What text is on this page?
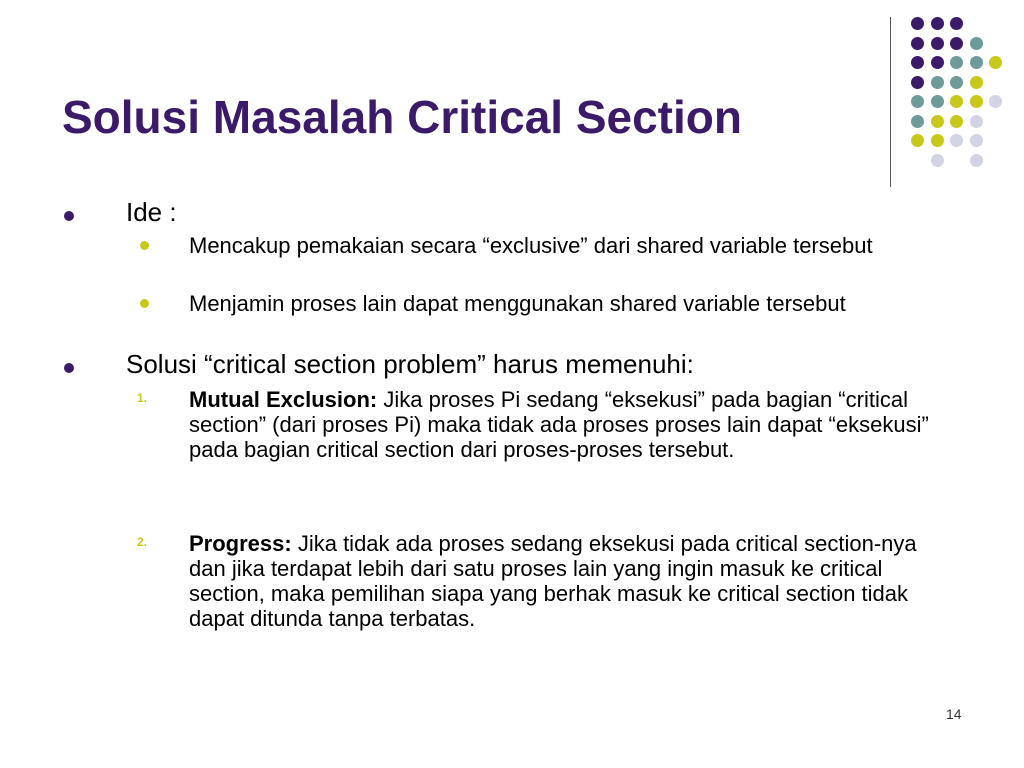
Solusi Masalah Critical Section
Ide :
Mencakup pemakaian secara “exclusive” dari shared variable tersebut
Menjamin proses lain dapat menggunakan shared variable tersebut
Solusi “critical section problem” harus memenuhi:
1. Mutual Exclusion: Jika proses Pi sedang “eksekusi” pada bagian “critical section” (dari proses Pi) maka tidak ada proses proses lain dapat “eksekusi” pada bagian critical section dari proses-proses tersebut.
2. Progress: Jika tidak ada proses sedang eksekusi pada critical section-nya dan jika terdapat lebih dari satu proses lain yang ingin masuk ke critical section, maka pemilihan siapa yang berhak masuk ke critical section tidak dapat ditunda tanpa terbatas.
14
